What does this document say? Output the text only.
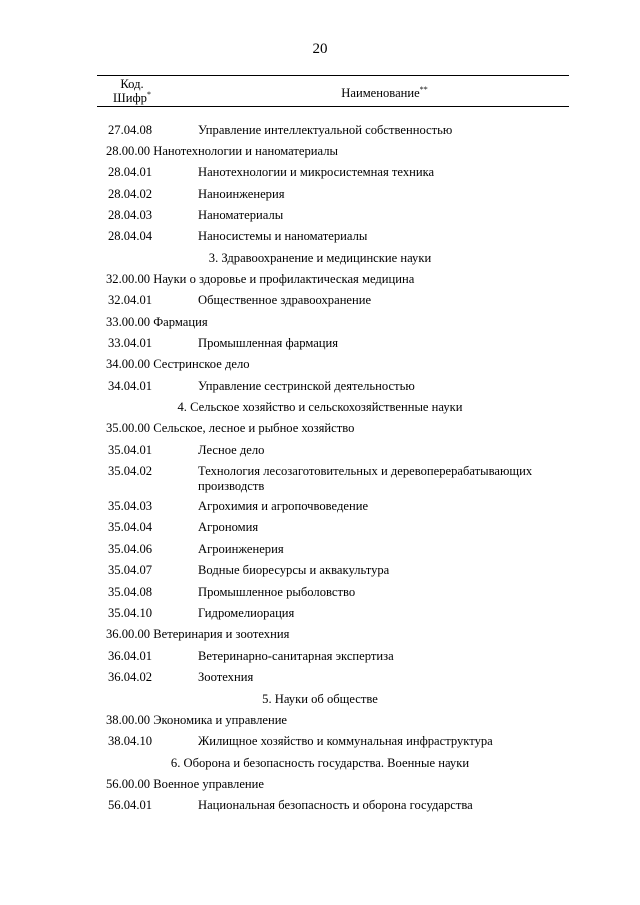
20
Код.
Шифр*	Наименование**
27.04.08	Управление интеллектуальной собственностью
28.00.00 Нанотехнологии и наноматериалы
28.04.01	Нанотехнологии и микросистемная техника
28.04.02	Наноинженерия
28.04.03	Наноматериалы
28.04.04	Наносистемы и наноматериалы
3. Здравоохранение и медицинские науки
32.00.00 Науки о здоровье и профилактическая медицина
32.04.01	Общественное здравоохранение
33.00.00 Фармация
33.04.01	Промышленная фармация
34.00.00 Сестринское дело
34.04.01	Управление сестринской деятельностью
4. Сельское хозяйство и сельскохозяйственные науки
35.00.00 Сельское, лесное и рыбное хозяйство
35.04.01	Лесное дело
35.04.02	Технология лесозаготовительных и деревоперерабатывающих
производств
35.04.03	Агрохимия и агропочвоведение
35.04.04	Агрономия
35.04.06	Агроинженерия
35.04.07	Водные биоресурсы и аквакультура
35.04.08	Промышленное рыболовство
35.04.10	Гидромелиорация
36.00.00 Ветеринария и зоотехния
36.04.01	Ветеринарно-санитарная экспертиза
36.04.02	Зоотехния
5. Науки об обществе
38.00.00 Экономика и управление
38.04.10	Жилищное хозяйство и коммунальная инфраструктура
6. Оборона и безопасность государства. Военные науки
56.00.00 Военное управление
56.04.01	Национальная безопасность и оборона государства
